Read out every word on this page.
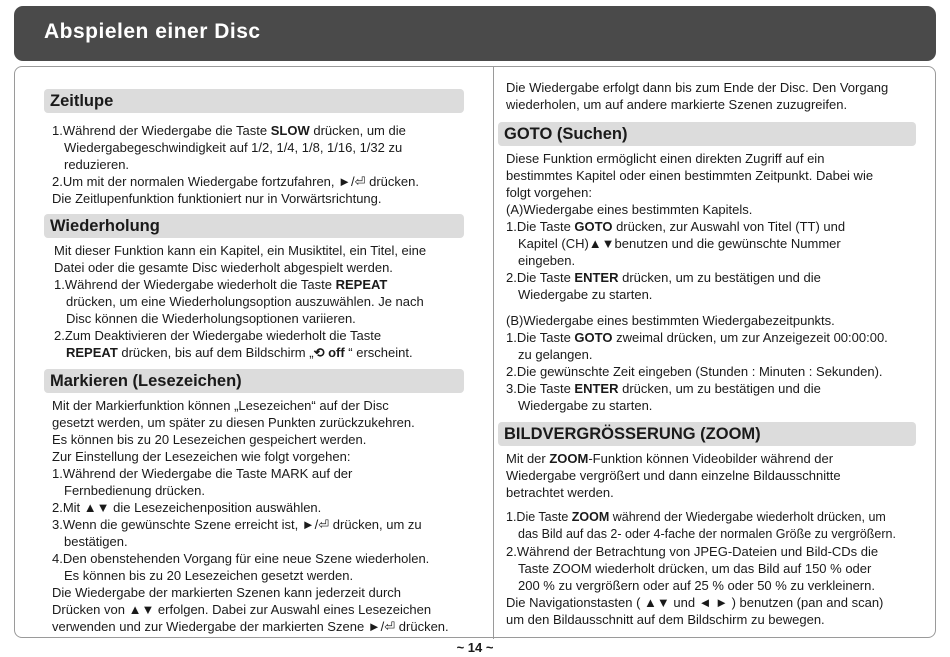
Abspielen einer Disc
Zeitlupe
1.Während der Wiedergabe die Taste SLOW drücken, um die
Wiedergabegeschwindigkeit auf 1/2, 1/4, 1/8, 1/16, 1/32 zu
reduzieren.
2.Um mit der normalen Wiedergabe fortzufahren, ►/⏎ drücken.
Die Zeitlupenfunktion funktioniert nur in Vorwärtsrichtung.
Wiederholung
Mit dieser Funktion kann ein Kapitel, ein Musiktitel, ein Titel, eine
Datei oder die gesamte Disc wiederholt abgespielt werden.
1.Während der Wiedergabe wiederholt die Taste REPEAT
drücken, um eine Wiederholungsoption auszuwählen. Je nach
Disc können die Wiederholungsoptionen variieren.
2.Zum Deaktivieren der Wiedergabe wiederholt die Taste
REPEAT drücken, bis auf dem Bildschirm „⟲ off “ erscheint.
Markieren (Lesezeichen)
Mit der Markierfunktion können „Lesezeichen“ auf der Disc
gesetzt werden, um später zu diesen Punkten zurückzukehren.
Es können bis zu 20 Lesezeichen gespeichert werden.
Zur Einstellung der Lesezeichen wie folgt vorgehen:
1.Während der Wiedergabe die Taste MARK auf der
Fernbedienung drücken.
2.Mit ▲▼ die Lesezeichenposition auswählen.
3.Wenn die gewünschte Szene erreicht ist, ►/⏎ drücken, um zu
bestätigen.
4.Den obenstehenden Vorgang für eine neue Szene wiederholen.
Es können bis zu 20 Lesezeichen gesetzt werden.
Die Wiedergabe der markierten Szenen kann jederzeit durch
Drücken von ▲▼ erfolgen. Dabei zur Auswahl eines Lesezeichen
verwenden und zur Wiedergabe der markierten Szene ►/⏎ drücken.
Die Wiedergabe erfolgt dann bis zum Ende der Disc. Den Vorgang
wiederholen, um auf andere markierte Szenen zuzugreifen.
GOTO (Suchen)
Diese Funktion ermöglicht einen direkten Zugriff auf ein
bestimmtes Kapitel oder einen bestimmten Zeitpunkt. Dabei wie
folgt vorgehen:
(A)Wiedergabe eines bestimmten Kapitels.
1.Die Taste GOTO drücken, zur Auswahl von Titel (TT) und
Kapitel (CH)▲▼benutzen und die gewünschte Nummer
eingeben.
2.Die Taste ENTER drücken, um zu bestätigen und die
Wiedergabe zu starten.
(B)Wiedergabe eines bestimmten Wiedergabezeitpunkts.
1.Die Taste GOTO zweimal drücken, um zur Anzeigezeit 00:00:00.
zu gelangen.
2.Die gewünschte Zeit eingeben (Stunden : Minuten : Sekunden).
3.Die Taste ENTER drücken, um zu bestätigen und die
Wiedergabe zu starten.
BILDVERGRÖSSERUNG (ZOOM)
Mit der ZOOM-Funktion können Videobilder während der
Wiedergabe vergrößert und dann einzelne Bildausschnitte
betrachtet werden.
1.Die Taste ZOOM während der Wiedergabe wiederholt drücken, um
das Bild auf das 2- oder 4-fache der normalen Größe zu vergrößern.
2.Während der Betrachtung von JPEG-Dateien und Bild-CDs die
Taste ZOOM wiederholt drücken, um das Bild auf 150 % oder
200 % zu vergrößern oder auf 25 % oder 50 % zu verkleinern.
Die Navigationstasten ( ▲▼ und ◄ ► ) benutzen (pan and scan)
um den Bildausschnitt auf dem Bildschirm zu bewegen.
~ 14 ~
